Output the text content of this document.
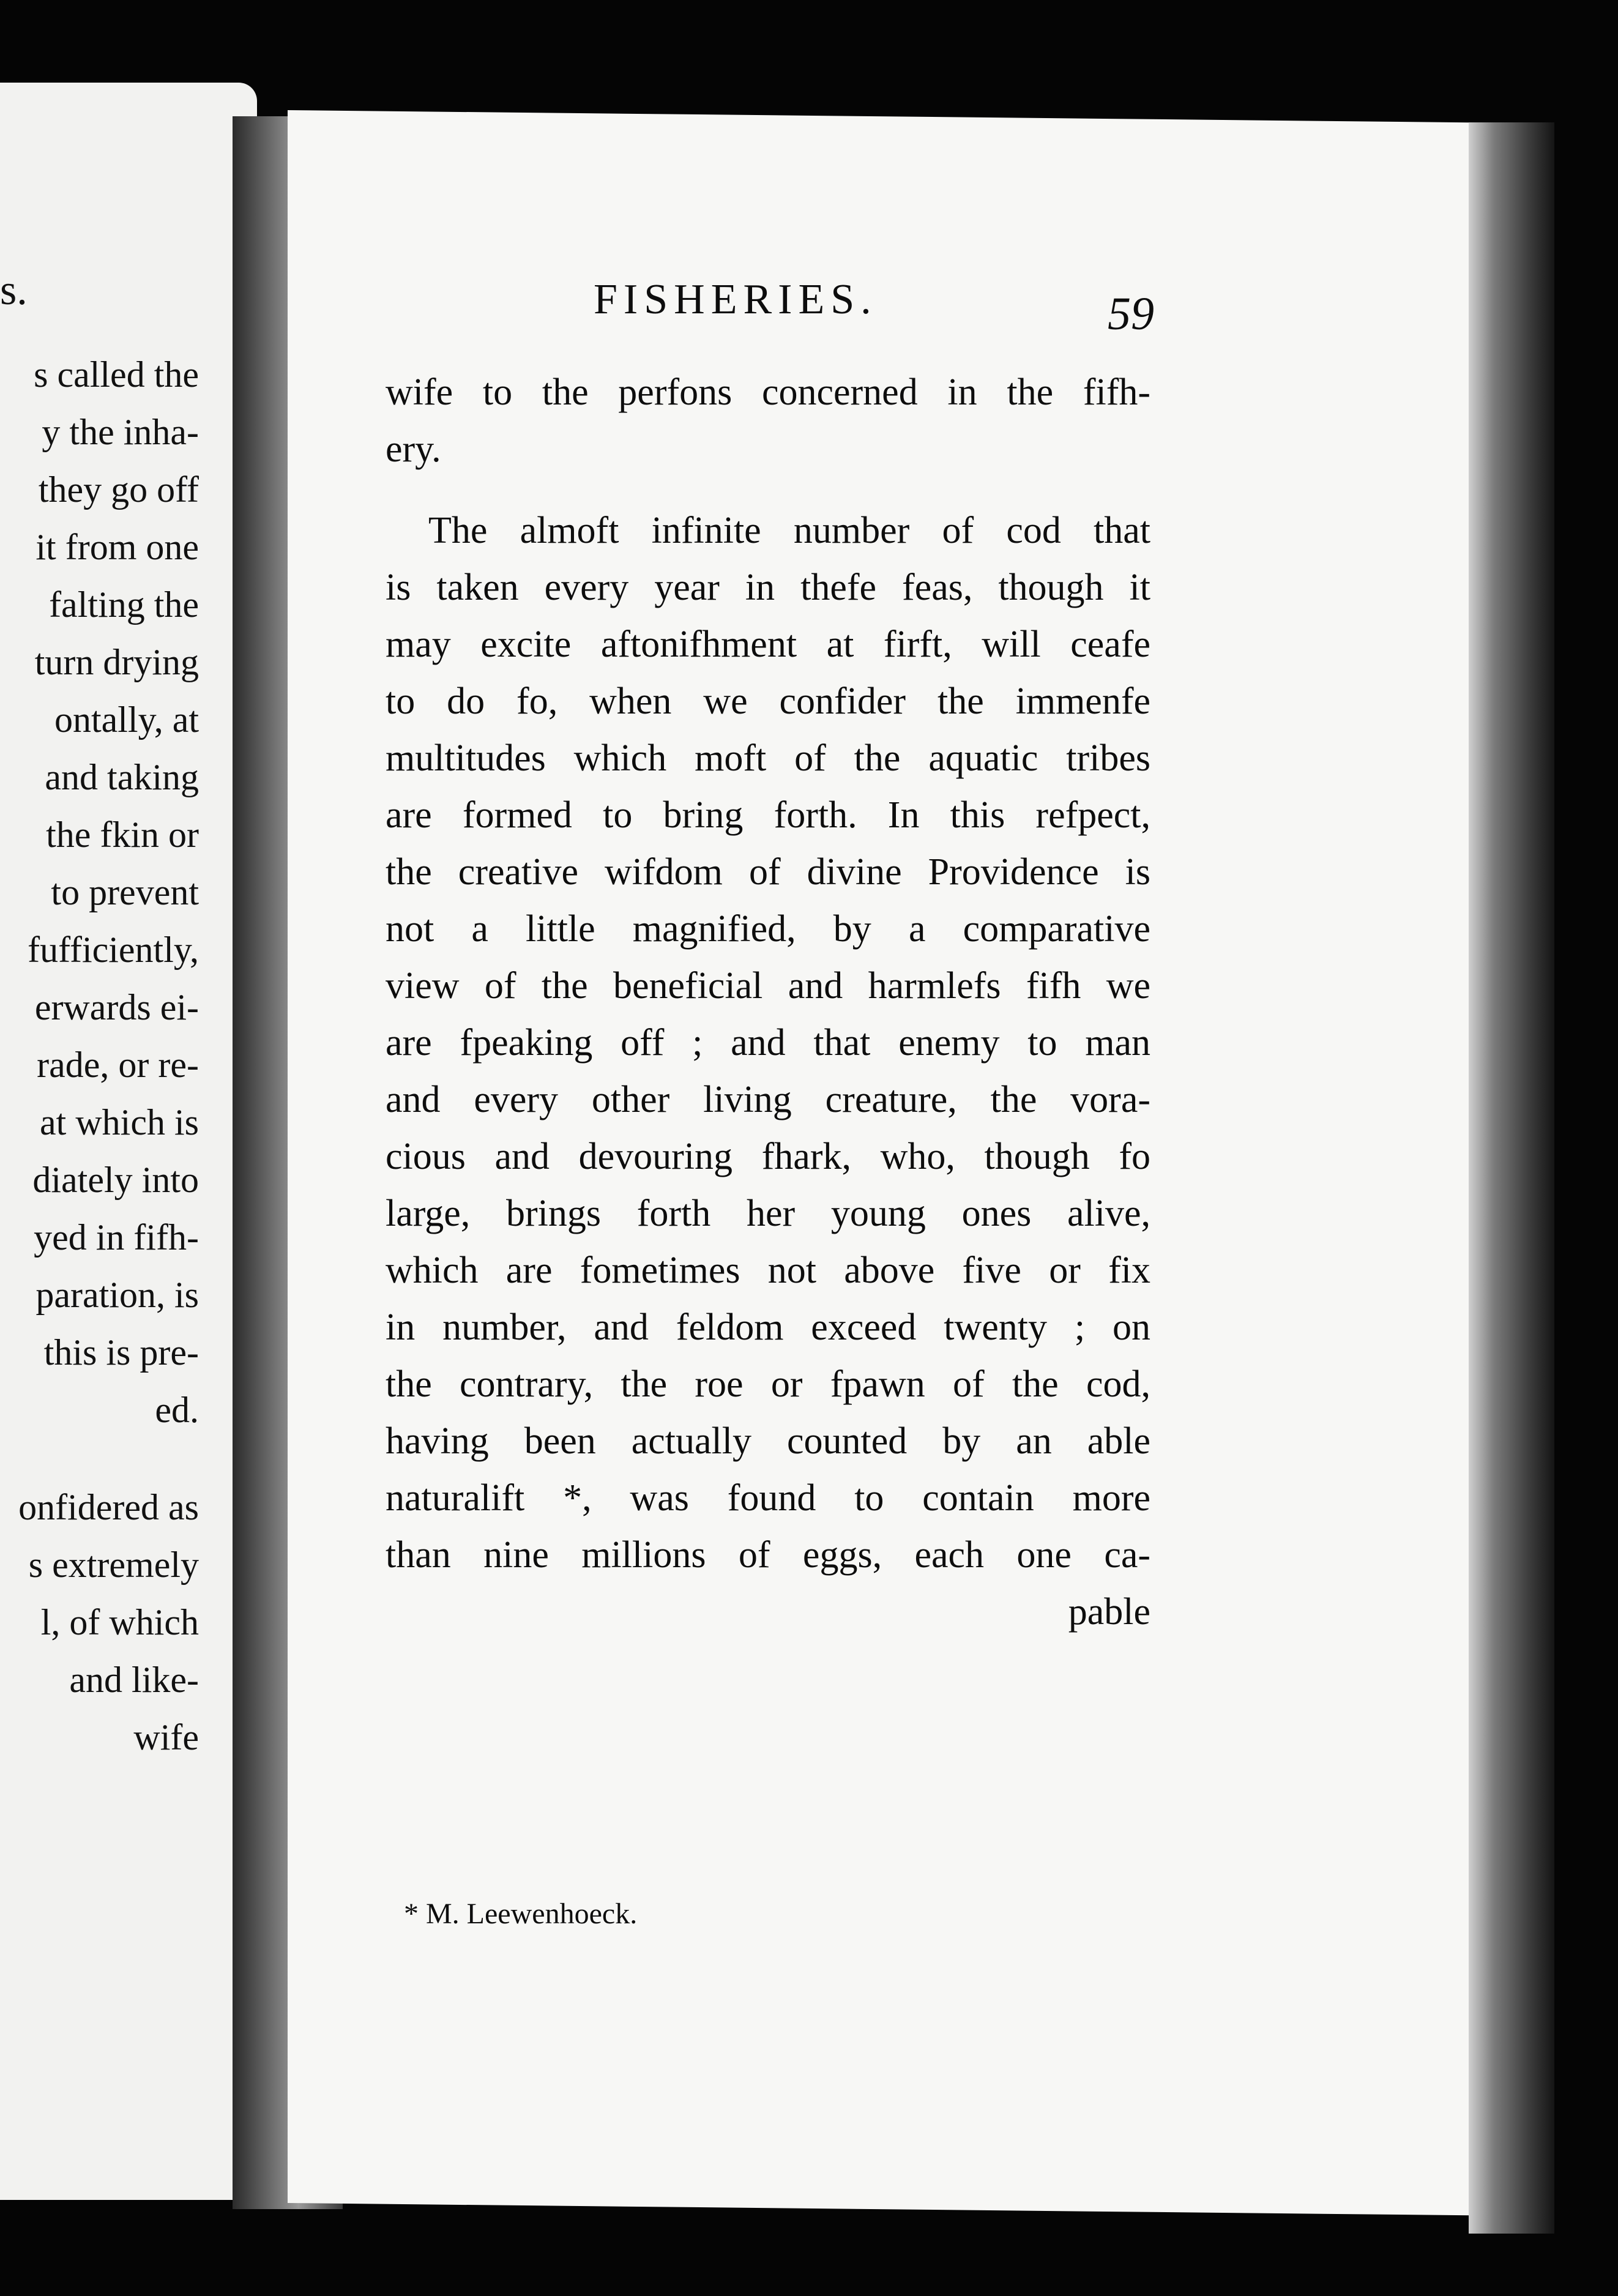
s.
s called the
y the inha-
they go off
it from one
falting the
turn drying
ontally, at
and taking
the fkin or
to prevent
fufficiently,
erwards ei-
rade, or re-
at which is
diately into
yed in fifh-
paration, is
this is pre-
ed.
onfidered as
s extremely
l, of which
and like-
wife
FISHERIES.	59
wife to the perfons concerned in the fifh-
ery.
The almoft infinite number of cod that
is taken every year in thefe feas, though it
may excite aftonifhment at firft, will ceafe
to do fo, when we confider the immenfe
multitudes which moft of the aquatic tribes
are formed to bring forth. In this refpect,
the creative wifdom of divine Providence is
not a little magnified, by a comparative
view of the beneficial and harmlefs fifh we
are fpeaking off ; and that enemy to man
and every other living creature, the vora-
cious and devouring fhark, who, though fo
large, brings forth her young ones alive,
which are fometimes not above five or fix
in number, and feldom exceed twenty ; on
the contrary, the roe or fpawn of the cod,
having been actually counted by an able
naturalift *, was found to contain more
than nine millions of eggs, each one ca-
pable
* M. Leewenhoeck.
